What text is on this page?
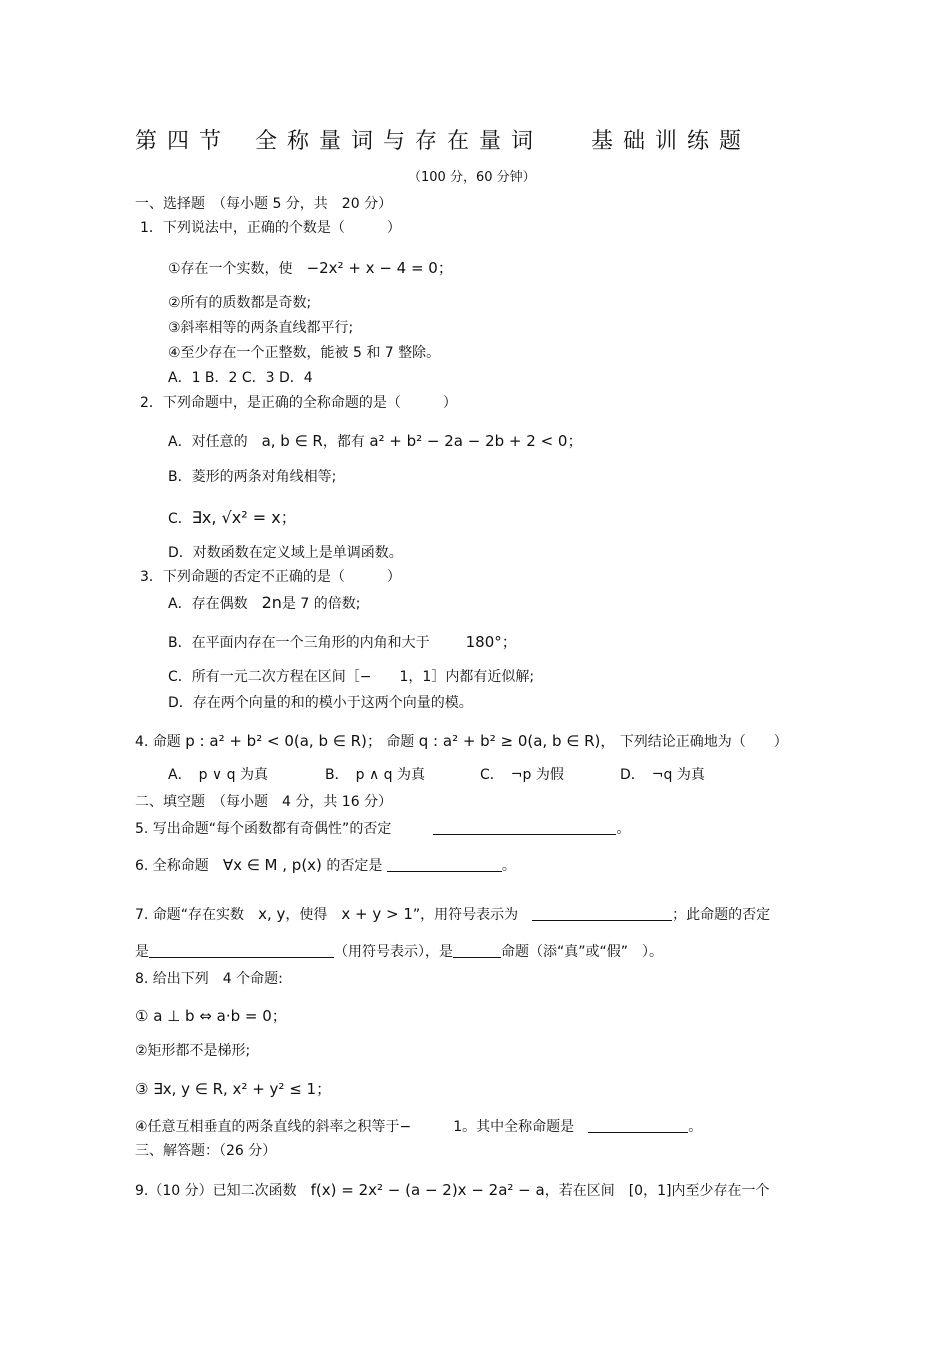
第四节 全称量词与存在量词 基础训练题
（100 分，60 分钟）
一、选择题　（每小题 5 分，共　20 分）
1．下列说法中，正确的个数是（　　　）
①存在一个实数，使　−2x² + x − 4 = 0；
②所有的质数都是奇数;
③斜率相等的两条直线都平行;
④至少存在一个正整数，能被 5 和 7 整除。
A．1 B．2 C．3 D．4
2．下列命题中，是正确的全称命题的是（　　　）
A．对任意的　a, b ∈ R，都有 a² + b² − 2a − 2b + 2 < 0；
B．菱形的两条对角线相等;
C．∃x, √x² = x；
D．对数函数在定义域上是单调函数。
3．下列命题的否定不正确的是（　　　）
A．存在偶数　2n是 7 的倍数;
B．在平面内存在一个三角形的内角和大于 180°；
C．所有一元二次方程在区间［−　　1，1］内都有近似解;
D．存在两个向量的和的模小于这两个向量的模。
4. 命题 p : a² + b² < 0(a, b ∈ R)； 命题 q : a² + b² ≥ 0(a, b ∈ R)， 下列结论正确地为（　　）
A．　p ∨ q 为真	B．　p ∧ q 为真	C．　¬p 为假	D．　¬q 为真
二、填空题　（每小题　4 分，共 16 分）
5. 写出命题“每个函数都有奇偶性”的否定	。
6. 全称命题　∀x ∈ M , p(x) 的否定是	。
7. 命题“存在实数　x, y，使得　x + y > 1”，用符号表示为　	；此命题的否定
是	（用符号表示），是	命题（添“真”或“假”　）。
8. 给出下列　4 个命题:
① a ⊥ b ⇔ a·b = 0；
②矩形都不是梯形;
③ ∃x, y ∈ R, x² + y² ≤ 1；
④任意互相垂直的两条直线的斜率之积等于−　　　1。其中全称命题是	。
三、解答题：（26 分）
9.（10 分）已知二次函数　f(x) = 2x² − (a − 2)x − 2a² − a，若在区间　[0，1]内至少存在一个
